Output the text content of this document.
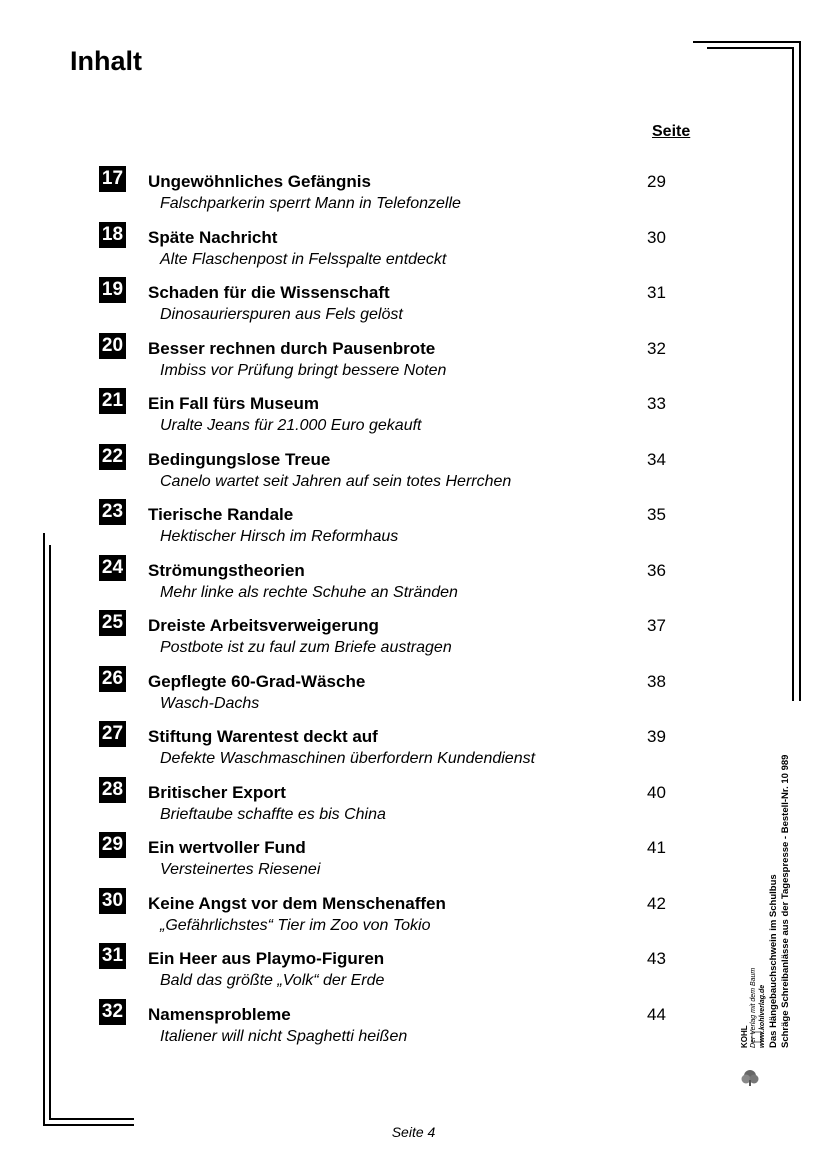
Inhalt
Seite
17 Ungewöhnliches Gefängnis
Falschparkerin sperrt Mann in Telefonzelle
29
18 Späte Nachricht
Alte Flaschenpost in Felsspalte entdeckt
30
19 Schaden für die Wissenschaft
Dinosaurierspuren aus Fels gelöst
31
20 Besser rechnen durch Pausenbrote
Imbiss vor Prüfung bringt bessere Noten
32
21 Ein Fall fürs Museum
Uralte Jeans für 21.000 Euro gekauft
33
22 Bedingungslose Treue
Canelo wartet seit Jahren auf sein totes Herrchen
34
23 Tierische Randale
Hektischer Hirsch im Reformhaus
35
24 Strömungstheorien
Mehr linke als rechte Schuhe an Stränden
36
25 Dreiste Arbeitsverweigerung
Postbote ist zu faul zum Briefe austragen
37
26 Gepflegte 60-Grad-Wäsche
Wasch-Dachs
38
27 Stiftung Warentest deckt auf
Defekte Waschmaschinen überfordern Kundendienst
39
28 Britischer Export
Brieftaube schaffte es bis China
40
29 Ein wertvoller Fund
Versteinertes Riesenei
41
30 Keine Angst vor dem Menschenaffen
„Gefährlichstes“ Tier im Zoo von Tokio
42
31 Ein Heer aus Playmo-Figuren
Bald das größte „Volk“ der Erde
43
32 Namensprobleme
Italiener will nicht Spaghetti heißen
44
Seite 4
Das Hängebauchschwein im Schulbus Schräge Schreibanlässe aus der Tagespresse - Bestell-Nr. 10 989
KOHL Der Verlag mit dem Baum www.kohlverlag.de
